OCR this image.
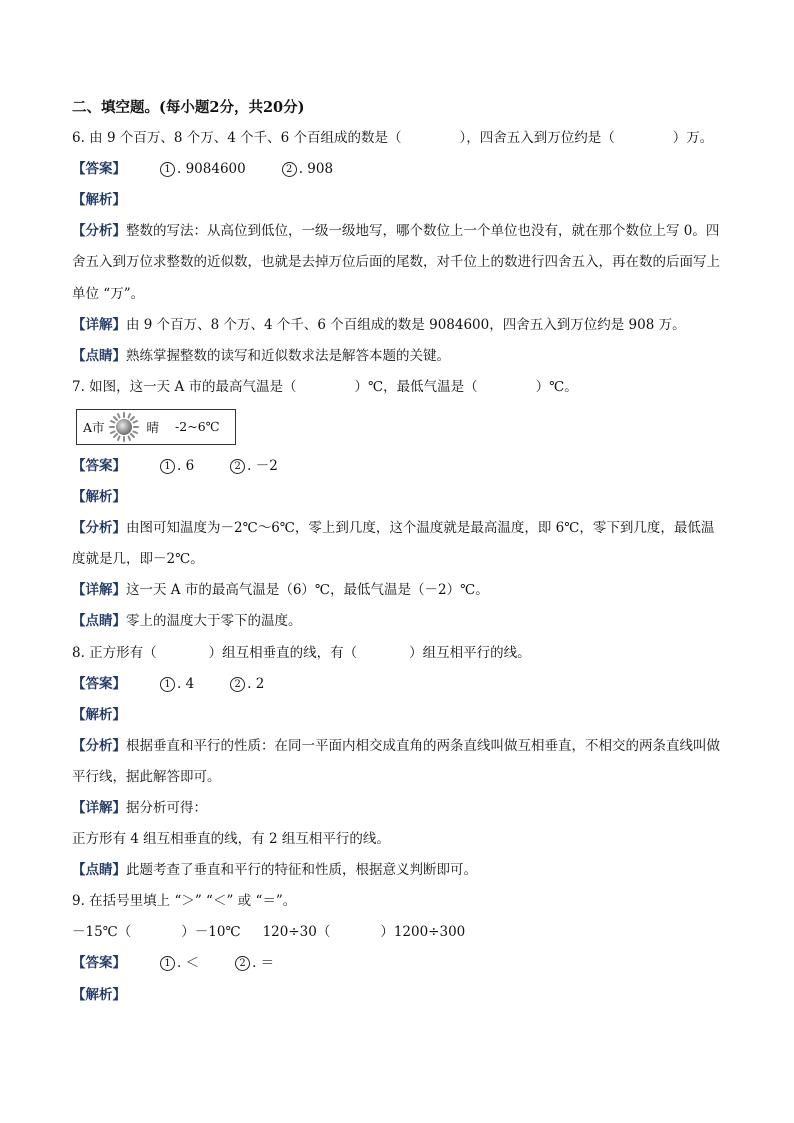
二、填空题。(每小题2分，共20分)
6. 由 9 个百万、8 个万、4 个千、6 个百组成的数是（	），四舍五入到万位约是（	）万。
【答案】	1 . 9084600	2 . 908
【解析】
【分析】整数的写法：从高位到低位，一级一级地写，哪个数位上一个单位也没有，就在那个数位上写 0。四舍五入到万位求整数的近似数，也就是去掉万位后面的尾数，对千位上的数进行四舍五入，再在数的后面写上单位 “万”。
【详解】由 9 个百万、8 个万、4 个千、6 个百组成的数是 9084600，四舍五入到万位约是 908 万。
【点睛】熟练掌握整数的读写和近似数求法是解答本题的关键。
7. 如图，这一天 A 市的最高气温是（	）℃，最低气温是（	）℃。
A市	晴 -2~6℃
【答案】	1 . 6	2 . －2
【解析】
【分析】由图可知温度为－2℃～6℃，零上到几度，这个温度就是最高温度，即 6℃，零下到几度，最低温度就是几，即－2℃。
【详解】这一天 A 市的最高气温是（6）℃，最低气温是（－2）℃。
【点睛】零上的温度大于零下的温度。
8. 正方形有（	）组互相垂直的线，有（	）组互相平行的线。
【答案】	1 . 4	2 . 2
【解析】
【分析】根据垂直和平行的性质：在同一平面内相交成直角的两条直线叫做互相垂直，不相交的两条直线叫做平行线，据此解答即可。
【详解】据分析可得：
正方形有 4 组互相垂直的线，有 2 组互相平行的线。
【点睛】此题考查了垂直和平行的特征和性质，根据意义判断即可。
9. 在括号里填上 “＞” “＜” 或 “＝”。
－15℃（	）－10℃ 120÷30（	）1200÷300
【答案】	1 . ＜	2 . ＝
【解析】
